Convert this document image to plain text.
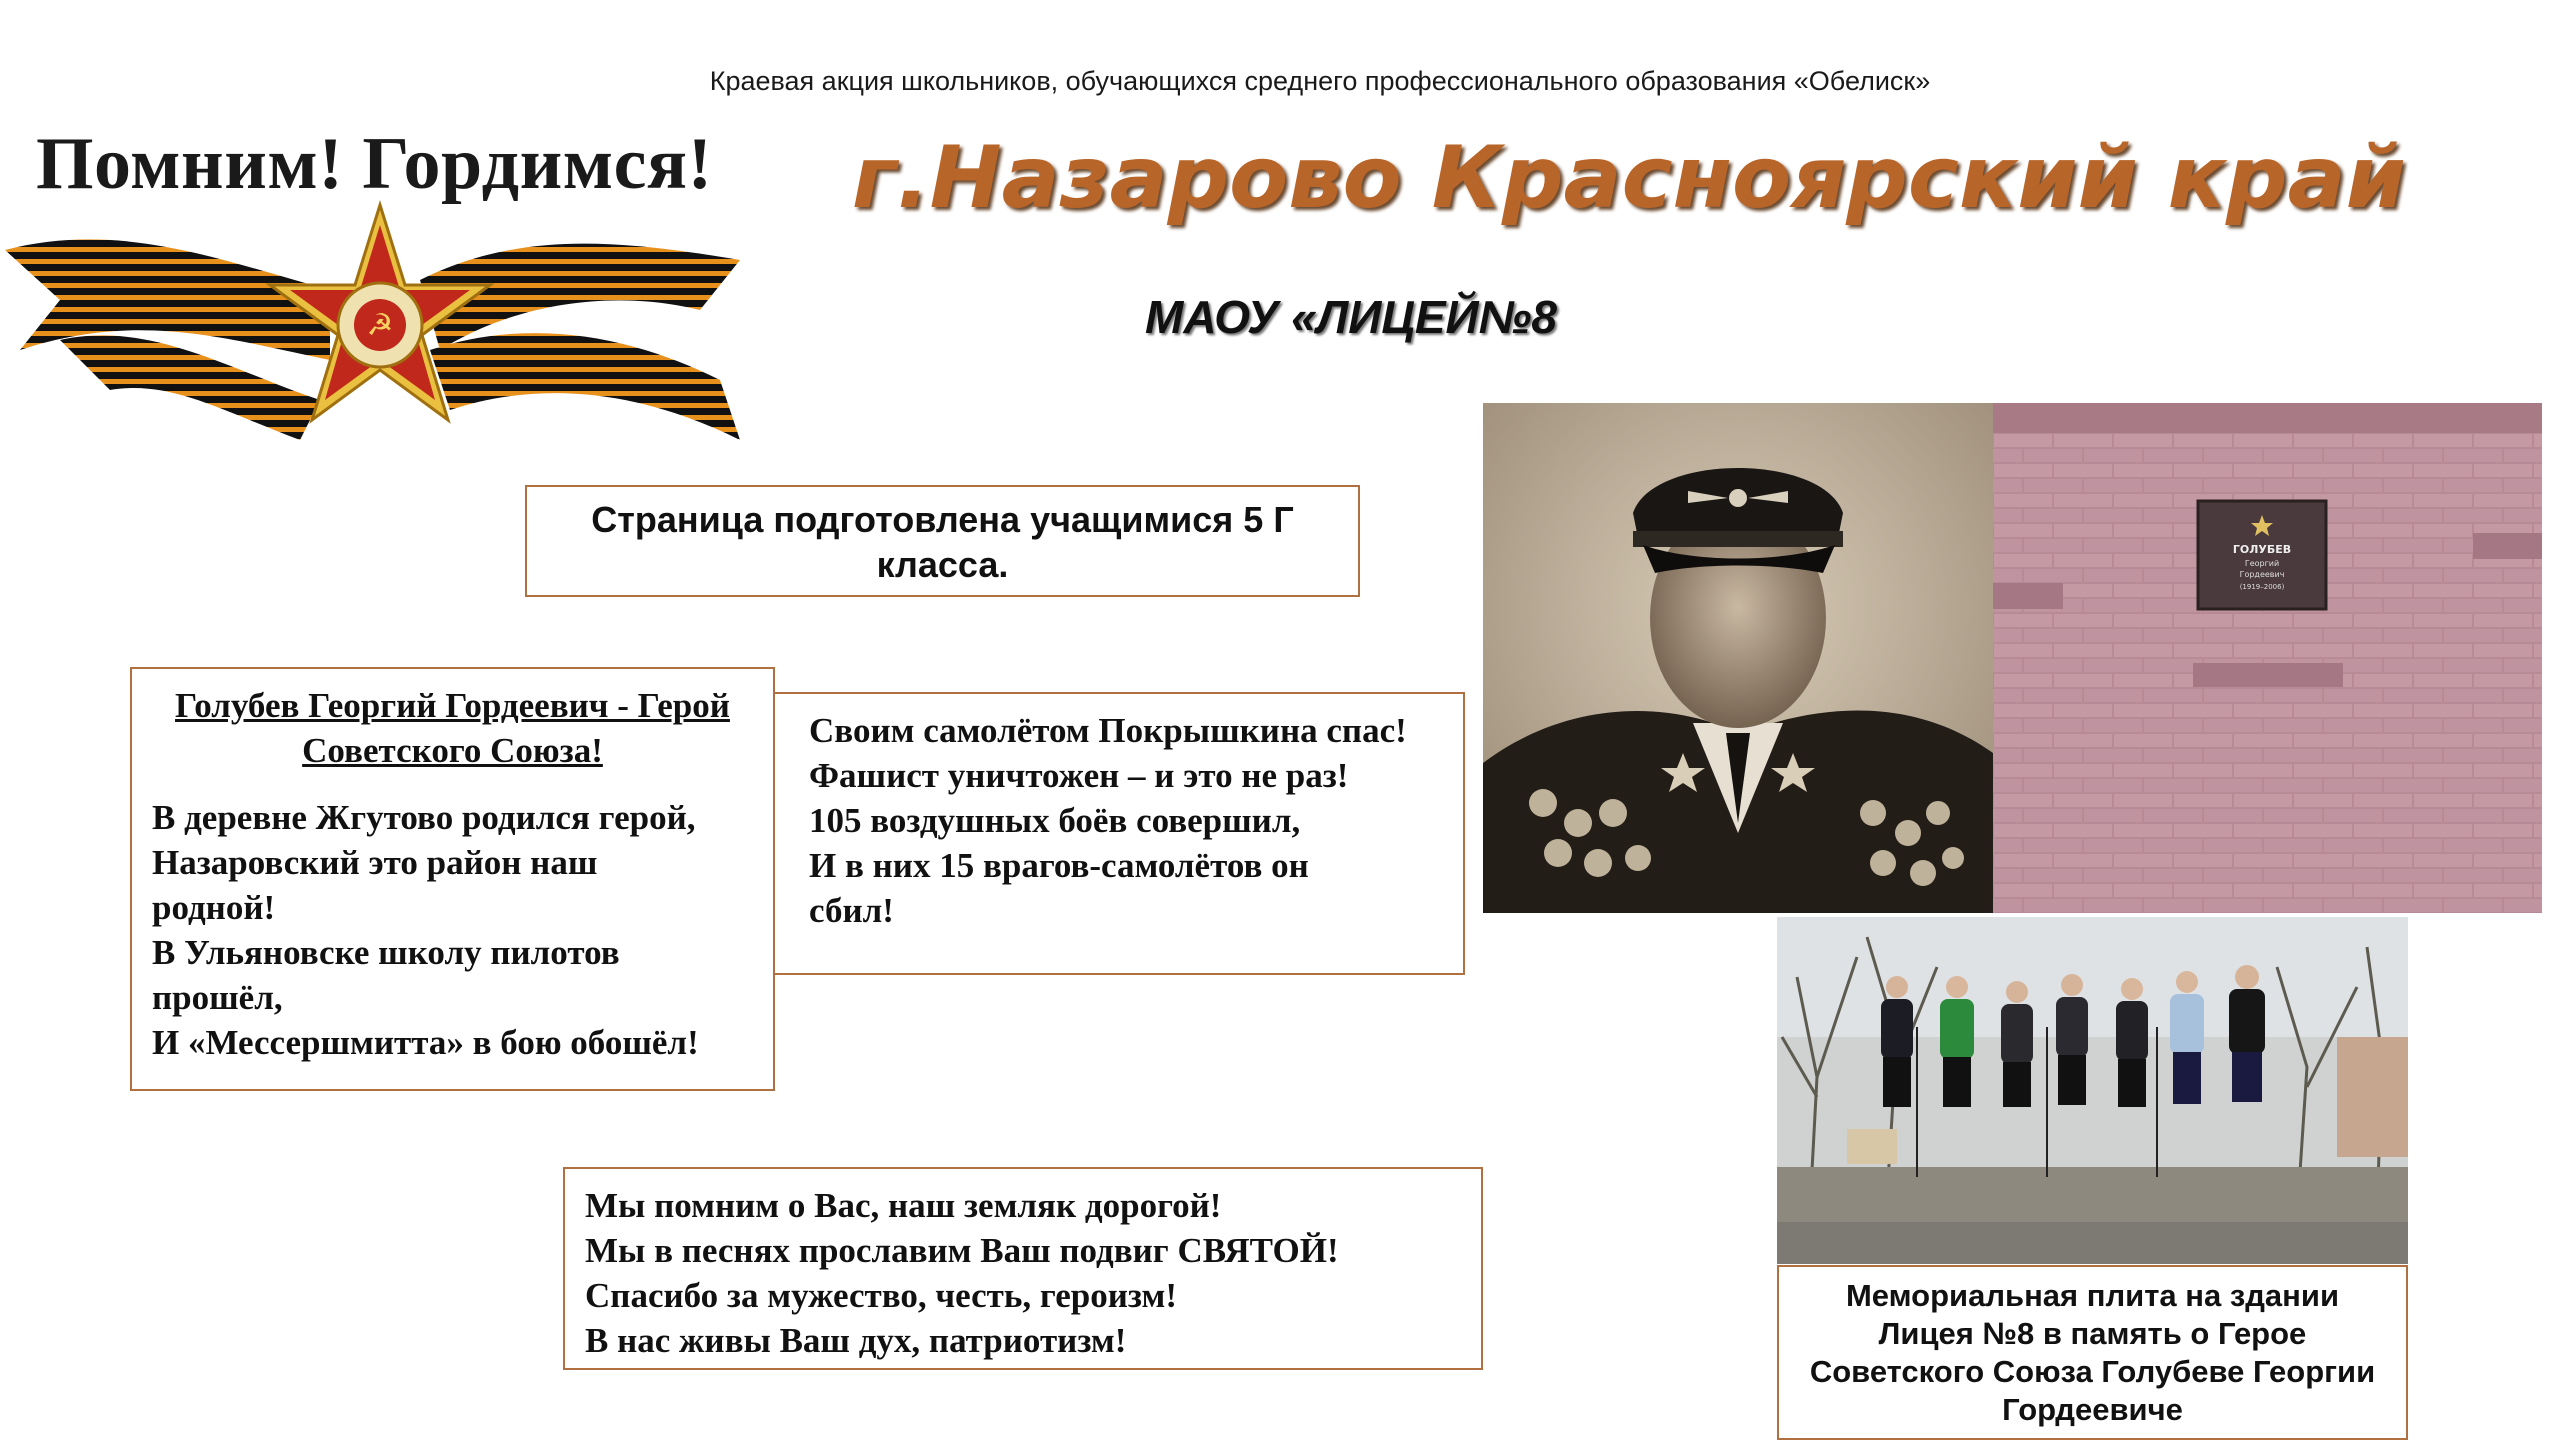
Краевая акция школьников, обучающихся среднего профессионального образования «Обелиск»
Помним! Гордимся!
☭
г.Назарово Красноярский край
МАОУ «ЛИЦЕЙ№8
Страница подготовлена учащимися 5 Г
класса.
Своим самолётом Покрышкина спас!
Фашист уничтожен – и это не раз!
105 воздушных боёв совершил,
И в них 15 врагов-самолётов он
сбил!
Голубев Георгий Гордеевич - Герой
Советского Союза!
В деревне Жгутово родился герой,
Назаровский это район наш
родной!
В Ульяновске школу пилотов
прошёл,
И «Мессершмитта» в бою обошёл!
Мы помним о Вас, наш земляк дорогой!
Мы в песнях прославим Ваш подвиг СВЯТОЙ!
Спасибо за мужество, честь, героизм!
В нас живы Ваш дух, патриотизм!
ГОЛУБЕВ
Георгий
Гордеевич
(1919–2006)
Мемориальная плита на здании
Лицея №8 в память о Герое
Советского Союза Голубеве Георгии
Гордеевиче
